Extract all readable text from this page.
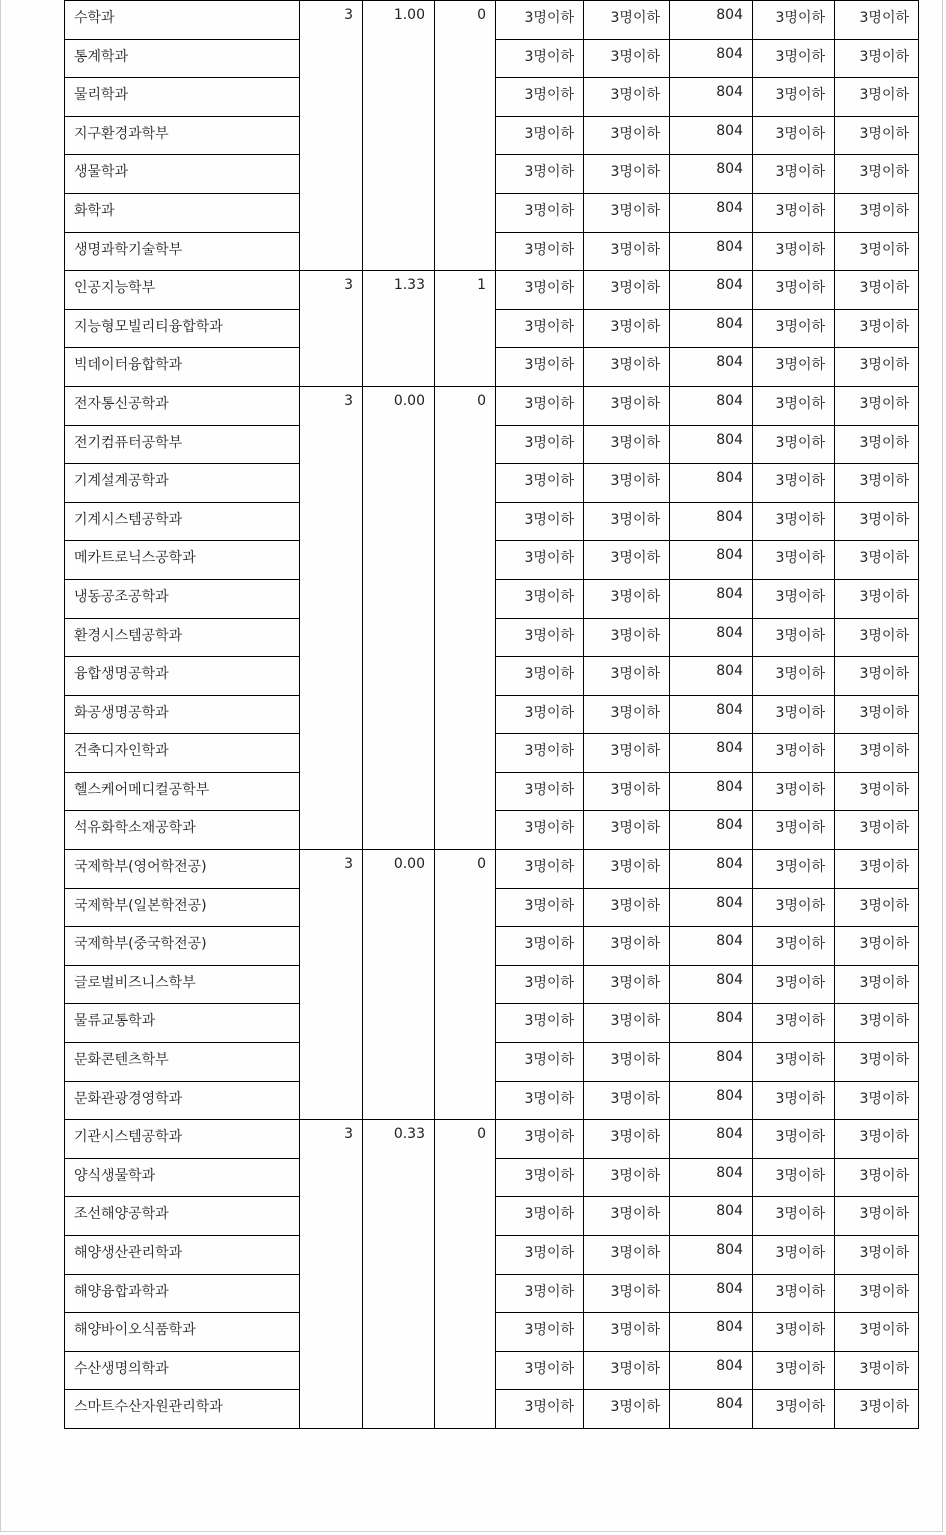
수학과	3	1.00	0	3명이하	3명이하	804	3명이하	3명이하
통계학과				3명이하	3명이하	804	3명이하	3명이하
물리학과				3명이하	3명이하	804	3명이하	3명이하
지구환경과학부				3명이하	3명이하	804	3명이하	3명이하
생물학과				3명이하	3명이하	804	3명이하	3명이하
화학과				3명이하	3명이하	804	3명이하	3명이하
생명과학기술학부				3명이하	3명이하	804	3명이하	3명이하
인공지능학부	3	1.33	1	3명이하	3명이하	804	3명이하	3명이하
지능형모빌리티융합학과				3명이하	3명이하	804	3명이하	3명이하
빅데이터융합학과				3명이하	3명이하	804	3명이하	3명이하
전자통신공학과	3	0.00	0	3명이하	3명이하	804	3명이하	3명이하
전기컴퓨터공학부				3명이하	3명이하	804	3명이하	3명이하
기계설계공학과				3명이하	3명이하	804	3명이하	3명이하
기계시스템공학과				3명이하	3명이하	804	3명이하	3명이하
메카트로닉스공학과				3명이하	3명이하	804	3명이하	3명이하
냉동공조공학과				3명이하	3명이하	804	3명이하	3명이하
환경시스템공학과				3명이하	3명이하	804	3명이하	3명이하
융합생명공학과				3명이하	3명이하	804	3명이하	3명이하
화공생명공학과				3명이하	3명이하	804	3명이하	3명이하
건축디자인학과				3명이하	3명이하	804	3명이하	3명이하
헬스케어메디컬공학부				3명이하	3명이하	804	3명이하	3명이하
석유화학소재공학과				3명이하	3명이하	804	3명이하	3명이하
국제학부(영어학전공)	3	0.00	0	3명이하	3명이하	804	3명이하	3명이하
국제학부(일본학전공)				3명이하	3명이하	804	3명이하	3명이하
국제학부(중국학전공)				3명이하	3명이하	804	3명이하	3명이하
글로벌비즈니스학부				3명이하	3명이하	804	3명이하	3명이하
물류교통학과				3명이하	3명이하	804	3명이하	3명이하
문화콘텐츠학부				3명이하	3명이하	804	3명이하	3명이하
문화관광경영학과				3명이하	3명이하	804	3명이하	3명이하
기관시스템공학과	3	0.33	0	3명이하	3명이하	804	3명이하	3명이하
양식생물학과				3명이하	3명이하	804	3명이하	3명이하
조선해양공학과				3명이하	3명이하	804	3명이하	3명이하
해양생산관리학과				3명이하	3명이하	804	3명이하	3명이하
해양융합과학과				3명이하	3명이하	804	3명이하	3명이하
해양바이오식품학과				3명이하	3명이하	804	3명이하	3명이하
수산생명의학과				3명이하	3명이하	804	3명이하	3명이하
스마트수산자원관리학과				3명이하	3명이하	804	3명이하	3명이하
